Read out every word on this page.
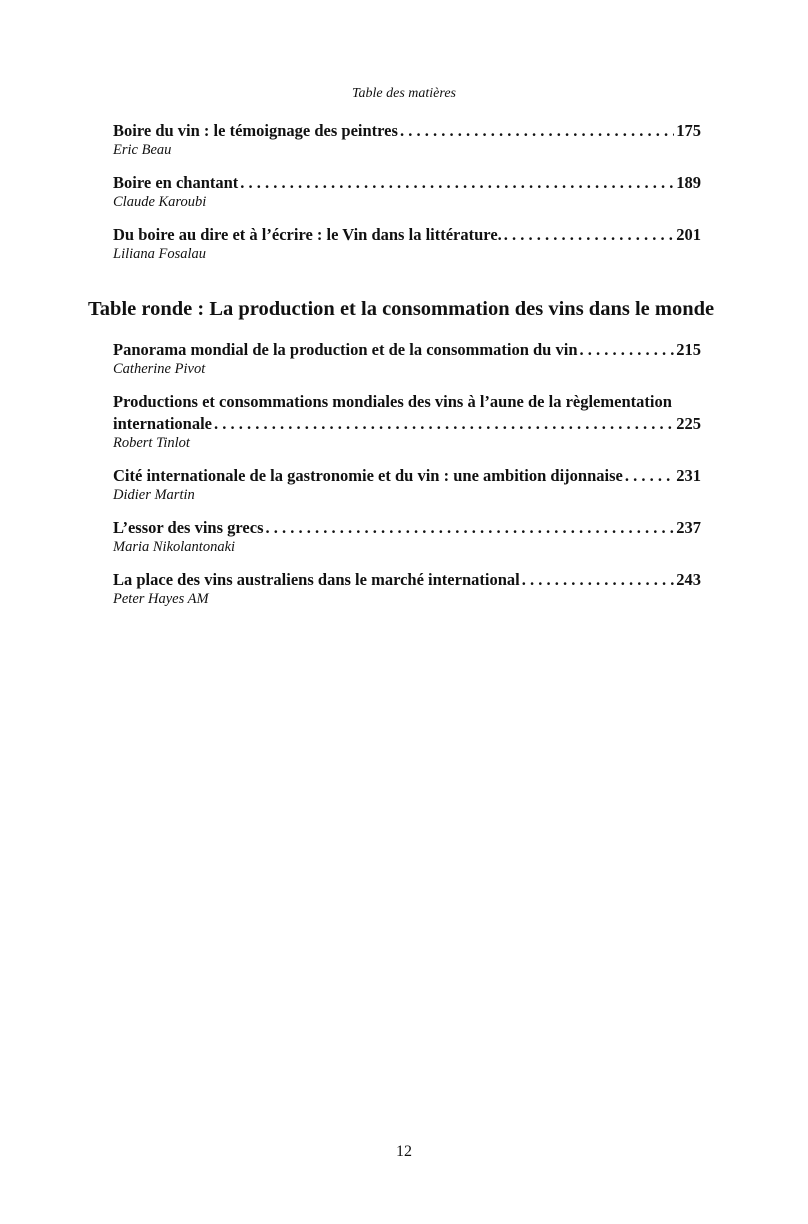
Table des matières
Boire du vin : le témoignage des peintres . . .	175
Eric Beau
Boire en chantant . . .	189
Claude Karoubi
Du boire au dire et à l’écrire : le Vin dans la littérature. . . .	201
Liliana Fosalau
Table ronde : La production et la consommation des vins dans le monde
Panorama mondial de la production et de la consommation du vin . . .	215
Catherine Pivot
Productions et consommations mondiales des vins à l’aune de la règlementation
internationale . . .	225
Robert Tinlot
Cité internationale de la gastronomie et du vin : une ambition dijonnaise . . .	231
Didier Martin
L’essor des vins grecs . . .	237
Maria Nikolantonaki
La place des vins australiens dans le marché international . . .	243
Peter Hayes AM
12
